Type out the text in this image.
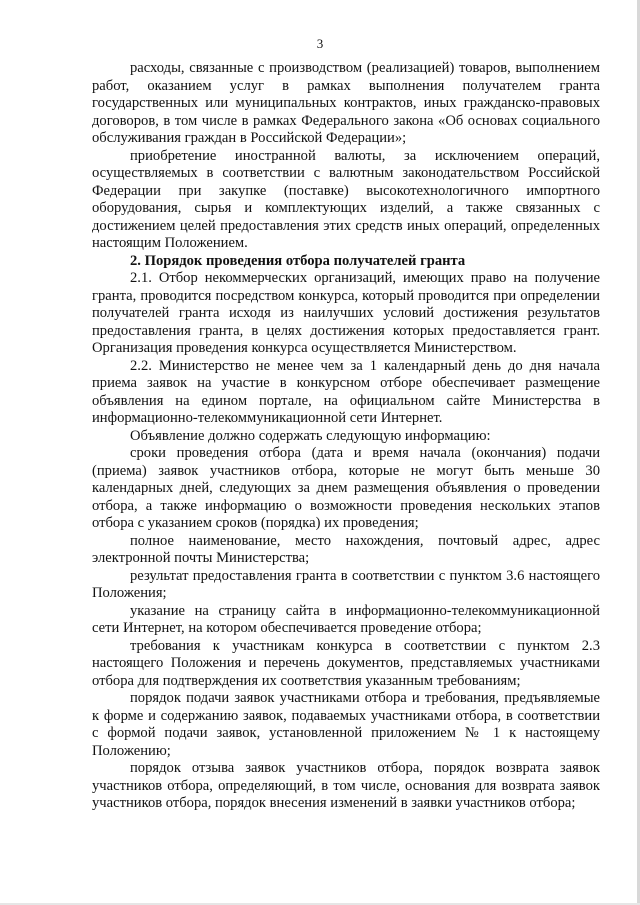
3

расходы, связанные с производством (реализацией) товаров, выполнением работ, оказанием услуг в рамках выполнения получателем гранта государственных или муниципальных контрактов, иных гражданско-правовых договоров, в том числе в рамках Федерального закона «Об основах социального обслуживания граждан в Российской Федерации»;

приобретение иностранной валюты, за исключением операций, осуществляемых в соответствии с валютным законодательством Российской Федерации при закупке (поставке) высокотехнологичного импортного оборудования, сырья и комплектующих изделий, а также связанных с достижением целей предоставления этих средств иных операций, определенных настоящим Положением.

2. Порядок проведения отбора получателей гранта

2.1. Отбор некоммерческих организаций, имеющих право на получение гранта, проводится посредством конкурса, который проводится при определении получателей гранта исходя из наилучших условий достижения результатов предоставления гранта, в целях достижения которых предоставляется грант. Организация проведения конкурса осуществляется Министерством.

2.2. Министерство не менее чем за 1 календарный день до дня начала приема заявок на участие в конкурсном отборе обеспечивает размещение объявления на едином портале, на официальном сайте Министерства в информационно-телекоммуникационной сети Интернет.

Объявление должно содержать следующую информацию:

сроки проведения отбора (дата и время начала (окончания) подачи (приема) заявок участников отбора, которые не могут быть меньше 30 календарных дней, следующих за днем размещения объявления о проведении отбора, а также информацию о возможности проведения нескольких этапов отбора с указанием сроков (порядка) их проведения;

полное наименование, место нахождения, почтовый адрес, адрес электронной почты Министерства;

результат предоставления гранта в соответствии с пунктом 3.6 настоящего Положения;

указание на страницу сайта в информационно-телекоммуникационной сети Интернет, на котором обеспечивается проведение отбора;

требования к участникам конкурса в соответствии с пунктом 2.3 настоящего Положения и перечень документов, представляемых участниками отбора для подтверждения их соответствия указанным требованиям;

порядок подачи заявок участниками отбора и требования, предъявляемые к форме и содержанию заявок, подаваемых участниками отбора, в соответствии с формой подачи заявок, установленной приложением № 1 к настоящему Положению;

порядок отзыва заявок участников отбора, порядок возврата заявок участников отбора, определяющий, в том числе, основания для возврата заявок участников отбора, порядок внесения изменений в заявки участников отбора;
